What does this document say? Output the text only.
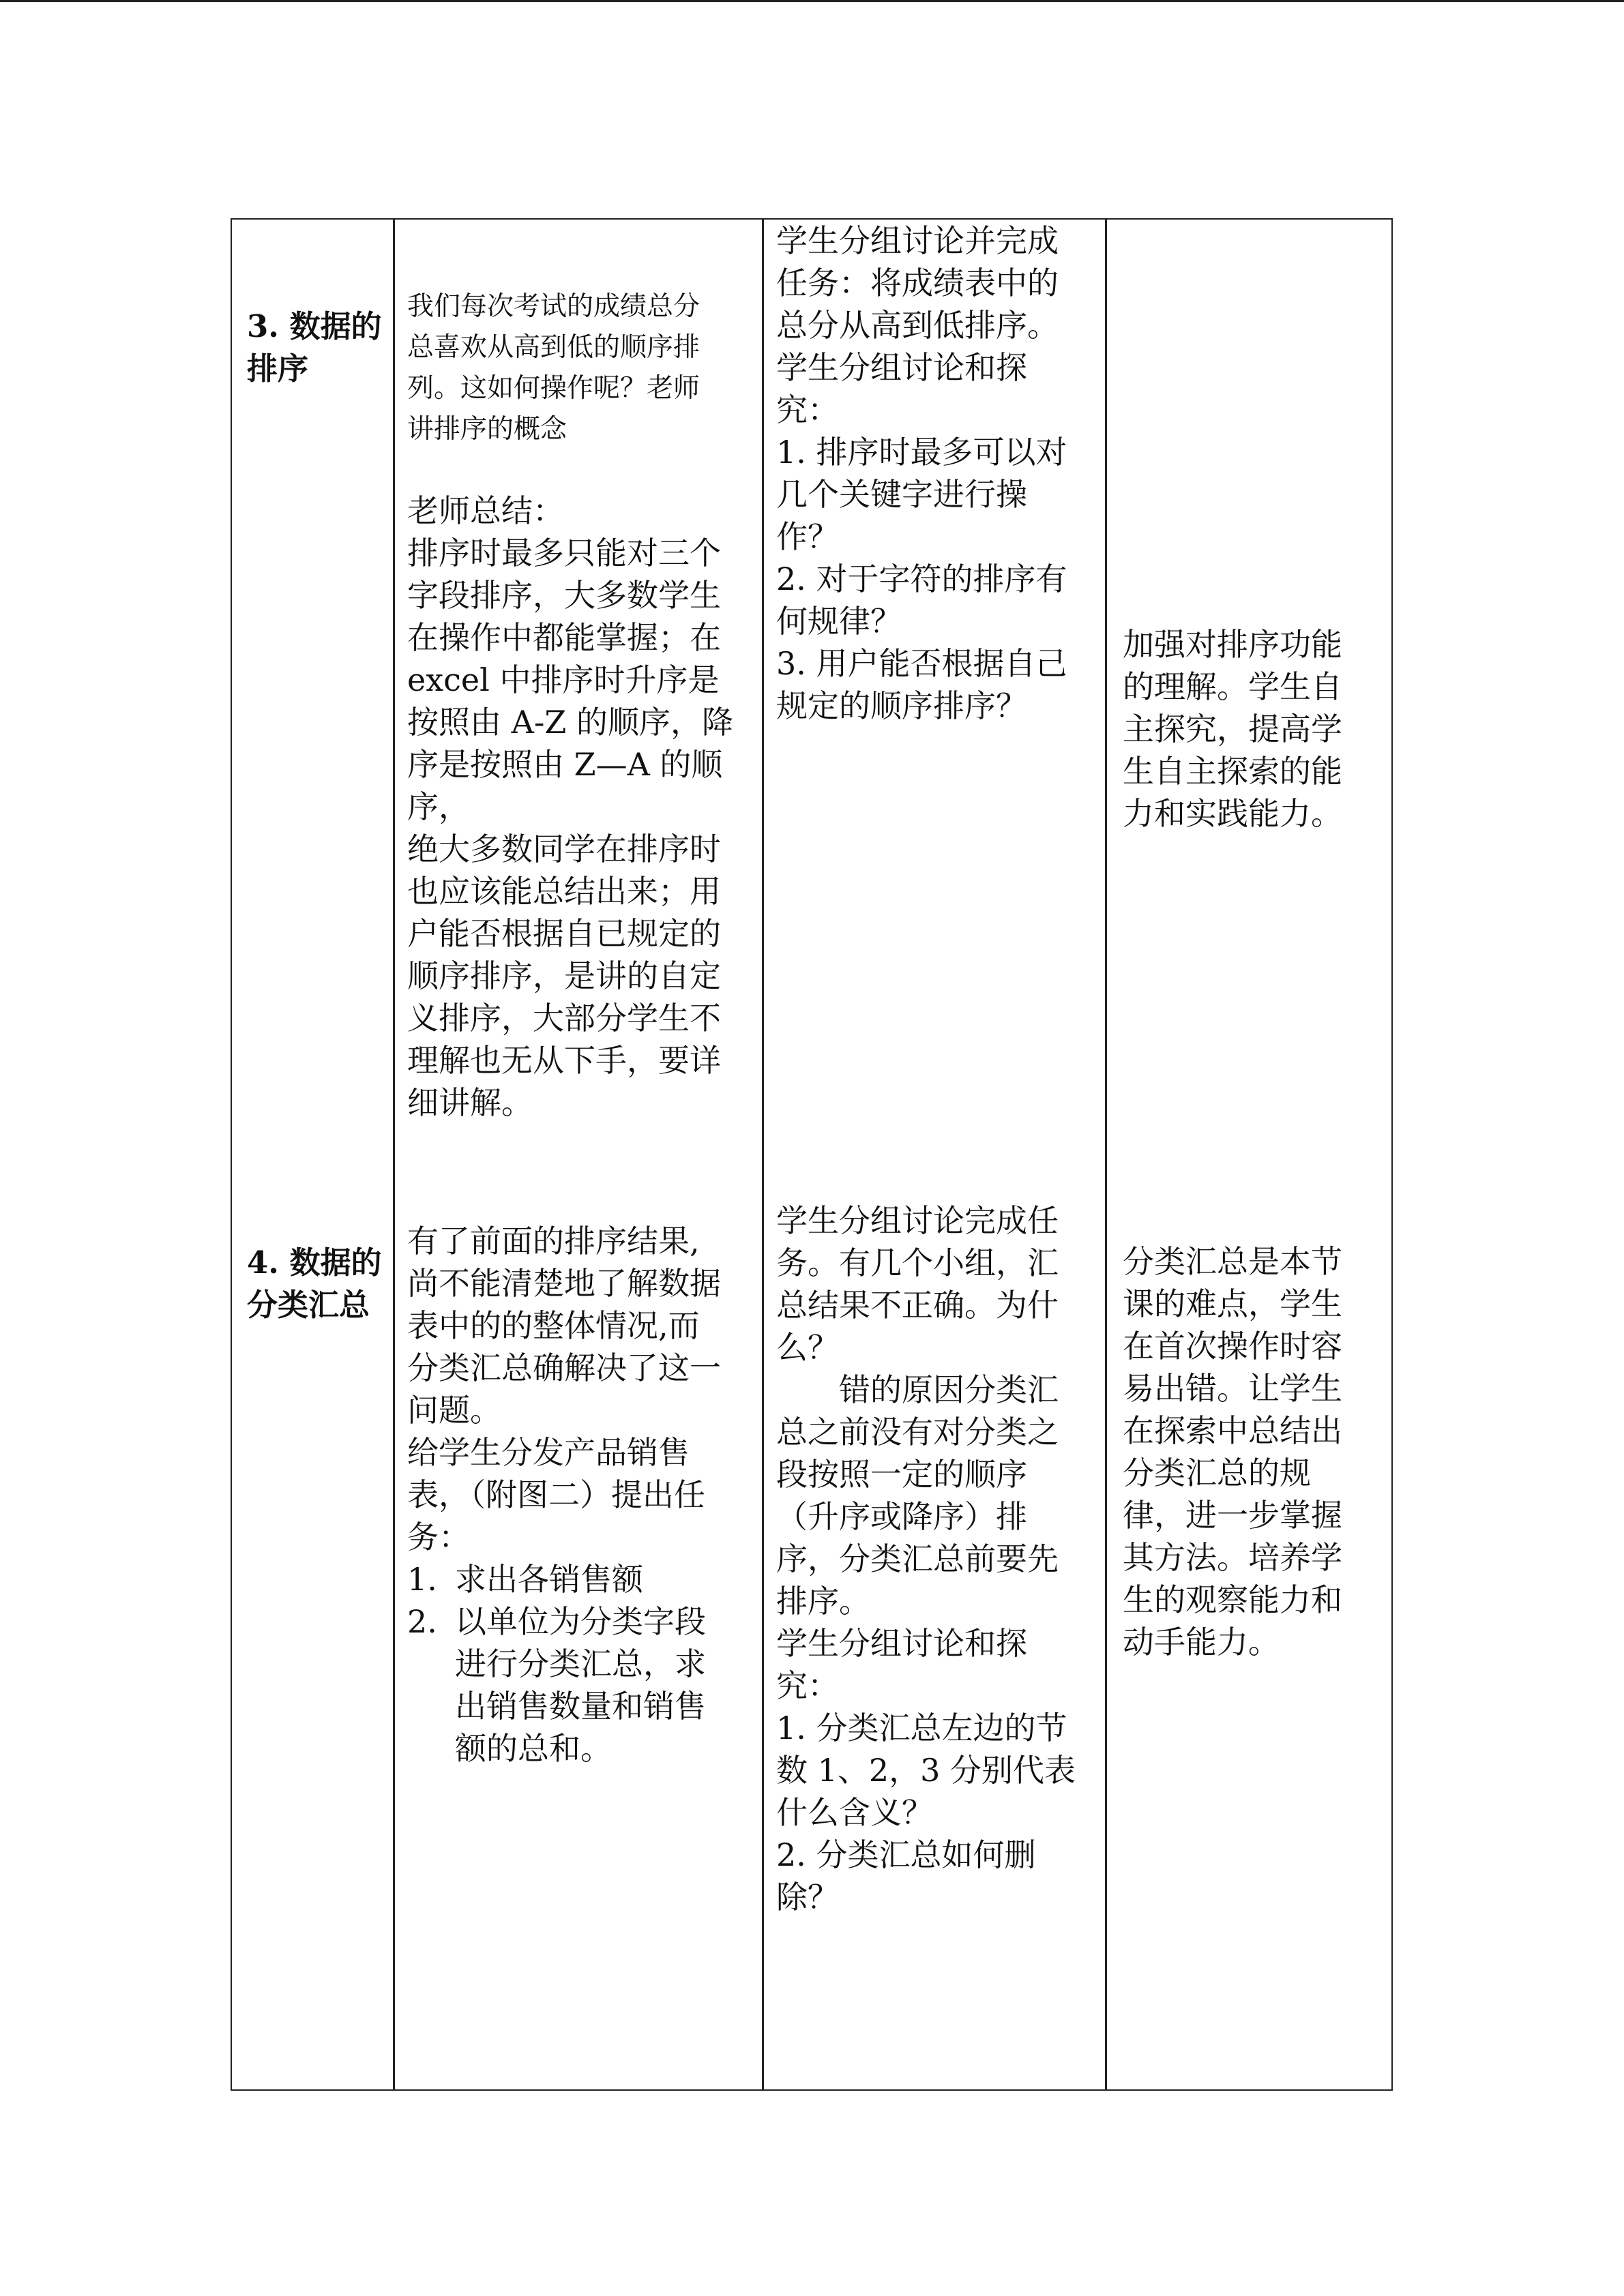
3. 数据的

排序

我们每次考试的成绩总分

总喜欢从高到低的顺序排

列。这如何操作呢？老师

讲排序的概念

老师总结：

排序时最多只能对三个

字段排序，大多数学生

在操作中都能掌握；在

excel 中排序时升序是

按照由 A-Z 的顺序，降

序是按照由 Z—A 的顺

序，

绝大多数同学在排序时

也应该能总结出来；用

户能否根据自已规定的

顺序排序，是讲的自定

义排序，大部分学生不

理解也无从下手，要详

细讲解。

学生分组讨论并完成

任务：将成绩表中的

总分从高到低排序。

学生分组讨论和探

究：

1. 排序时最多可以对

几个关键字进行操

作？

2. 对于字符的排序有

何规律？

3. 用户能否根据自己

规定的顺序排序？

加强对排序功能

的理解。学生自

主探究，提高学

生自主探索的能

力和实践能力。

4. 数据的

分类汇总

有了前面的排序结果,

尚不能清楚地了解数据

表中的的整体情况,而

分类汇总确解决了这一

问题。

给学生分发产品销售

表，（附图二）提出任

务：

1. 求出各销售额

2. 以单位为分类字段

进行分类汇总，求

出销售数量和销售

额的总和。

学生分组讨论完成任

务。有几个小组，汇

总结果不正确。为什

么？

　　错的原因分类汇

总之前没有对分类之

段按照一定的顺序

（升序或降序）排

序，分类汇总前要先

排序。

学生分组讨论和探

究：

1. 分类汇总左边的节

数 1、2，3 分别代表

什么含义？

2. 分类汇总如何删

除？

分类汇总是本节

课的难点，学生

在首次操作时容

易出错。让学生

在探索中总结出

分类汇总的规

律，进一步掌握

其方法。培养学

生的观察能力和

动手能力。
